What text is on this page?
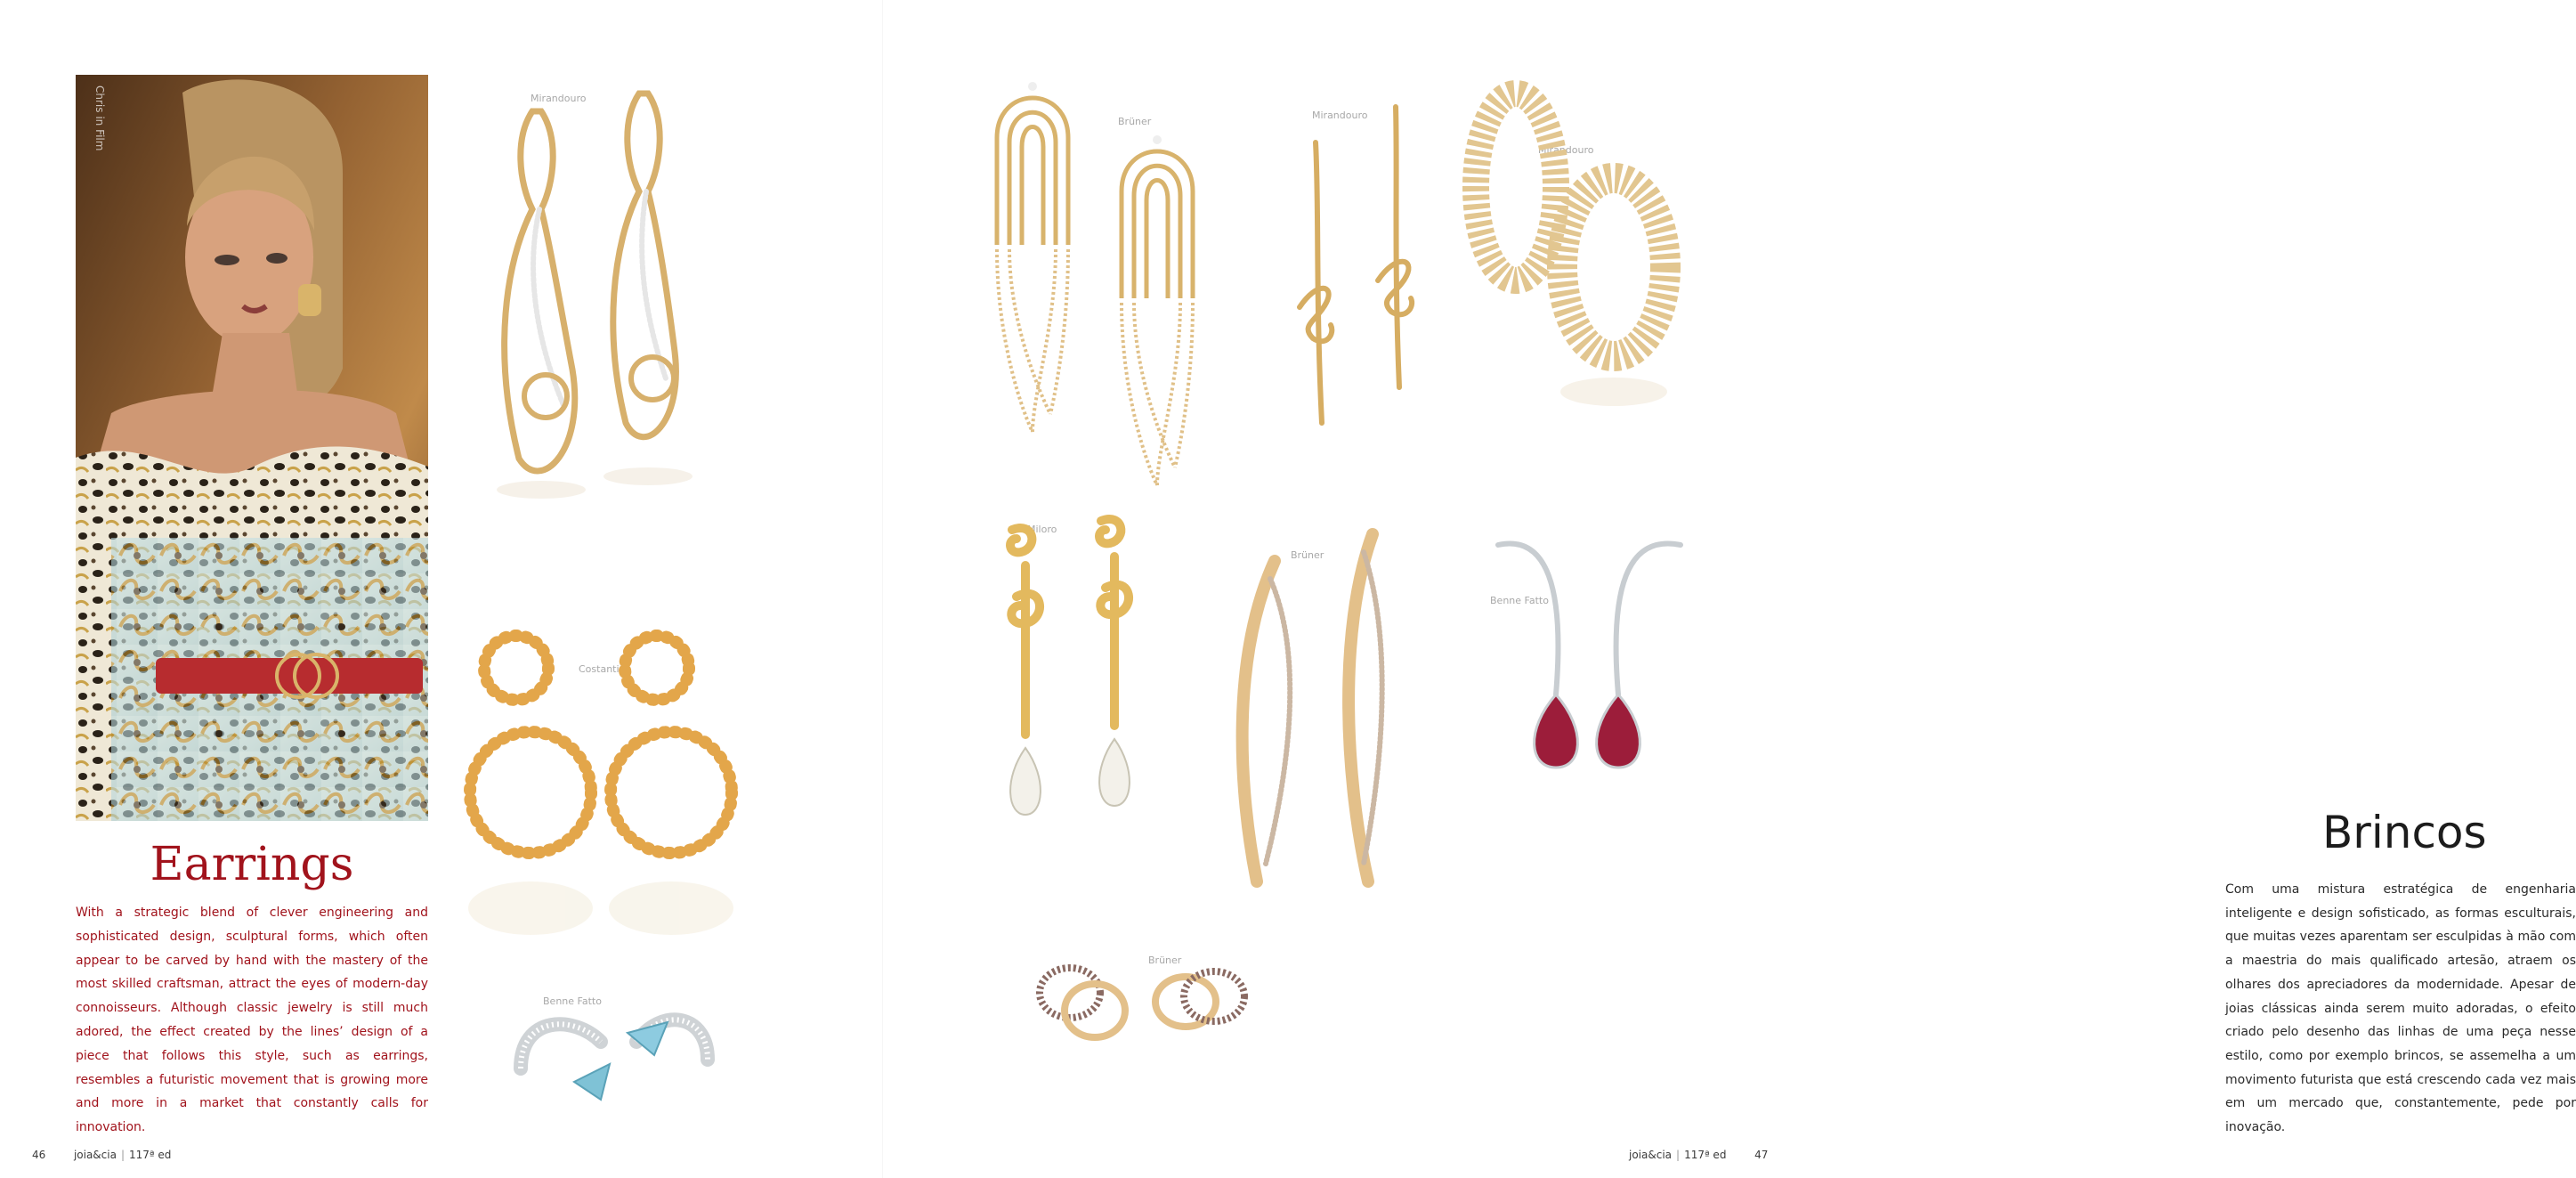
Chris in Film	Mirandouro
Costantini
Benne Fatto
Earrings

With a strategic blend of clever engineering and sophisticated design, sculptural forms, which often appear to be carved by hand with the mastery of the most skilled craftsman, attract the eyes of modern-day connoisseurs. Although classic jewelry is still much adored, the effect created by the lines’ design of a piece that follows this style, such as earrings, resembles a futuristic movement that is growing more and more in a market that constantly calls for innovation.

46	joia&cia | 117ª ed
Brüner
Mirandouro
Mirandouro
Miloro
Brüner
Benne Fatto
Brüner
Brincos

Com uma mistura estratégica de engenharia inteligente e design sofisticado, as formas esculturais, que muitas vezes aparentam ser esculpidas à mão com a maestria do mais qualificado artesão, atraem os olhares dos apreciadores da modernidade. Apesar de joias clássicas ainda serem muito adoradas, o efeito criado pelo desenho das linhas de uma peça nesse estilo, como por exemplo brincos, se assemelha a um movimento futurista que está crescendo cada vez mais em um mercado que, constantemente, pede por inovação.

joia&cia | 117ª ed	47
